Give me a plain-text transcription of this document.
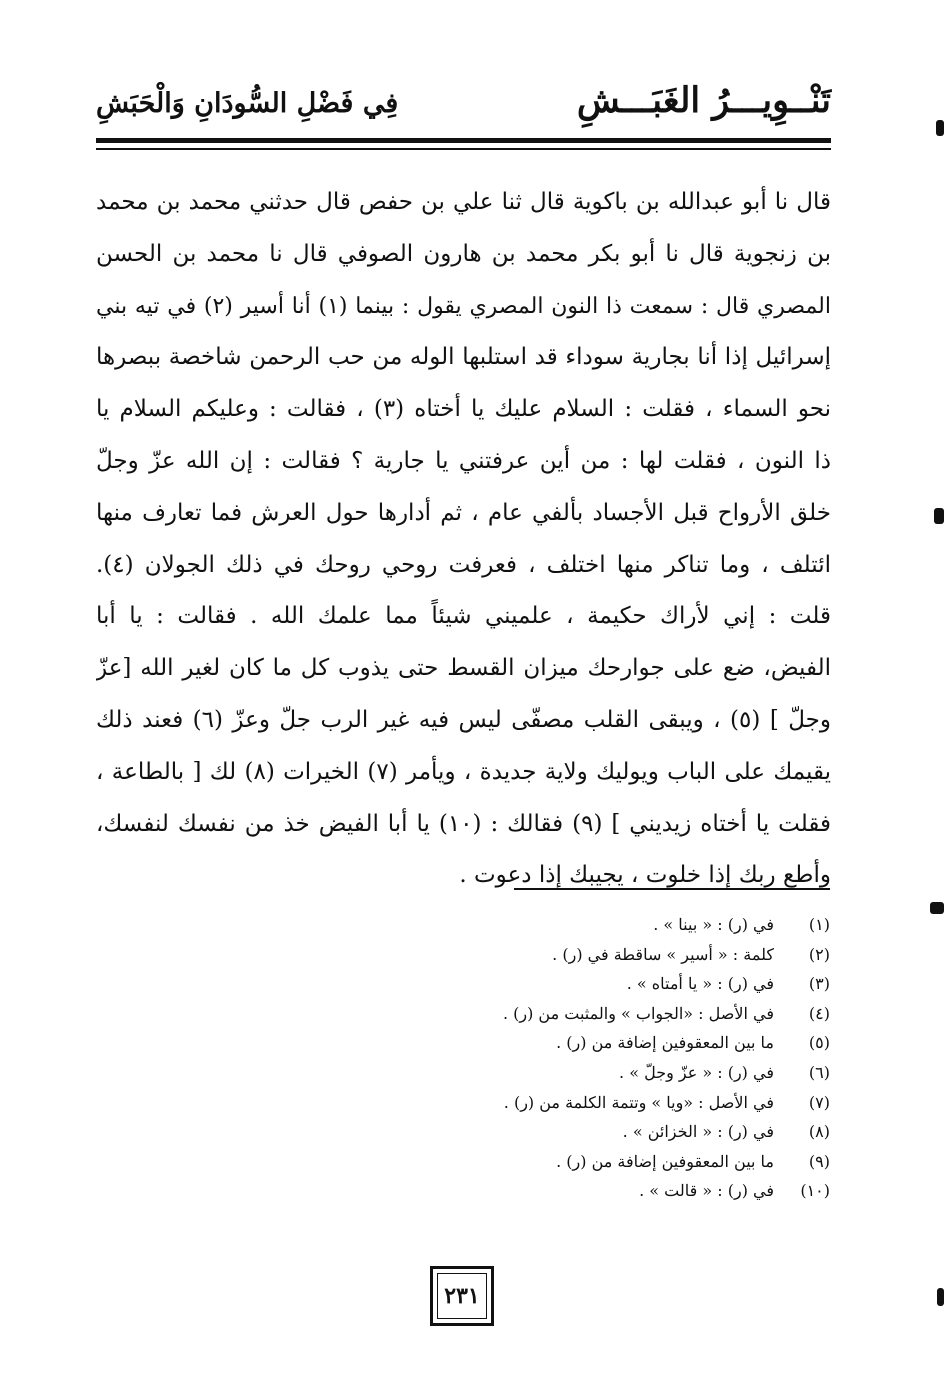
تَنْــوِيـــرُ الغَبَـــشِ
فِي فَضْلِ السُّودَانِ وَالْحَبَشِ
قال نا أبو عبدالله بن باكوية قال ثنا علي بن حفص قال حدثني محمد بن محمد
بن زنجوية قال نا أبو بكر محمد بن هارون الصوفي قال نا محمد بن الحسن
المصري قال : سمعت ذا النون المصري يقول : بينما (١) أنا أسير (٢) في تيه بني
إسرائيل إذا أنا بجارية سوداء قد استلبها الوله من حب الرحمن شاخصة ببصرها
نحو السماء ، فقلت : السلام عليك يا أختاه (٣) ، فقالت : وعليكم السلام يا
ذا النون ، فقلت لها : من أين عرفتني يا جارية ؟ فقالت : إن الله عزّ وجلّ
خلق الأرواح قبل الأجساد بألفي عام ، ثم أدارها حول العرش فما تعارف منها
ائتلف ، وما تناكر منها اختلف ، فعرفت روحي روحك في ذلك الجولان (٤).
قلت : إني لأراك حكيمة ، علميني شيئاً مما علمك الله . فقالت : يا أبا
الفيض، ضع على جوارحك ميزان القسط حتى يذوب كل ما كان لغير الله [عزّ
وجلّ ] (٥) ، ويبقى القلب مصفّى ليس فيه غير الرب جلّ وعزّ (٦) فعند ذلك
يقيمك على الباب ويوليك ولاية جديدة ، ويأمر (٧) الخيرات (٨) لك [ بالطاعة ،
فقلت يا أختاه زيديني ] (٩) فقالك : (١٠) يا أبا الفيض خذ من نفسك لنفسك،
وأطع ربك إذا خلوت ، يجيبك إذا دعوت .
(١)
في (ر) : « بينا » .
(٢)
كلمة : « أسير » ساقطة في (ر) .
(٣)
في (ر) : « يا أمتاه » .
(٤)
في الأصل : «الجواب » والمثبت من (ر) .
(٥)
ما بين المعقوفين إضافة من (ر) .
(٦)
في (ر) : « عزّ وجلّ » .
(٧)
في الأصل : «ويا » وتتمة الكلمة من (ر) .
(٨)
في (ر) : « الخزائن » .
(٩)
ما بين المعقوفين إضافة من (ر) .
(١٠)
في (ر) : « قالت » .
٢٣١
